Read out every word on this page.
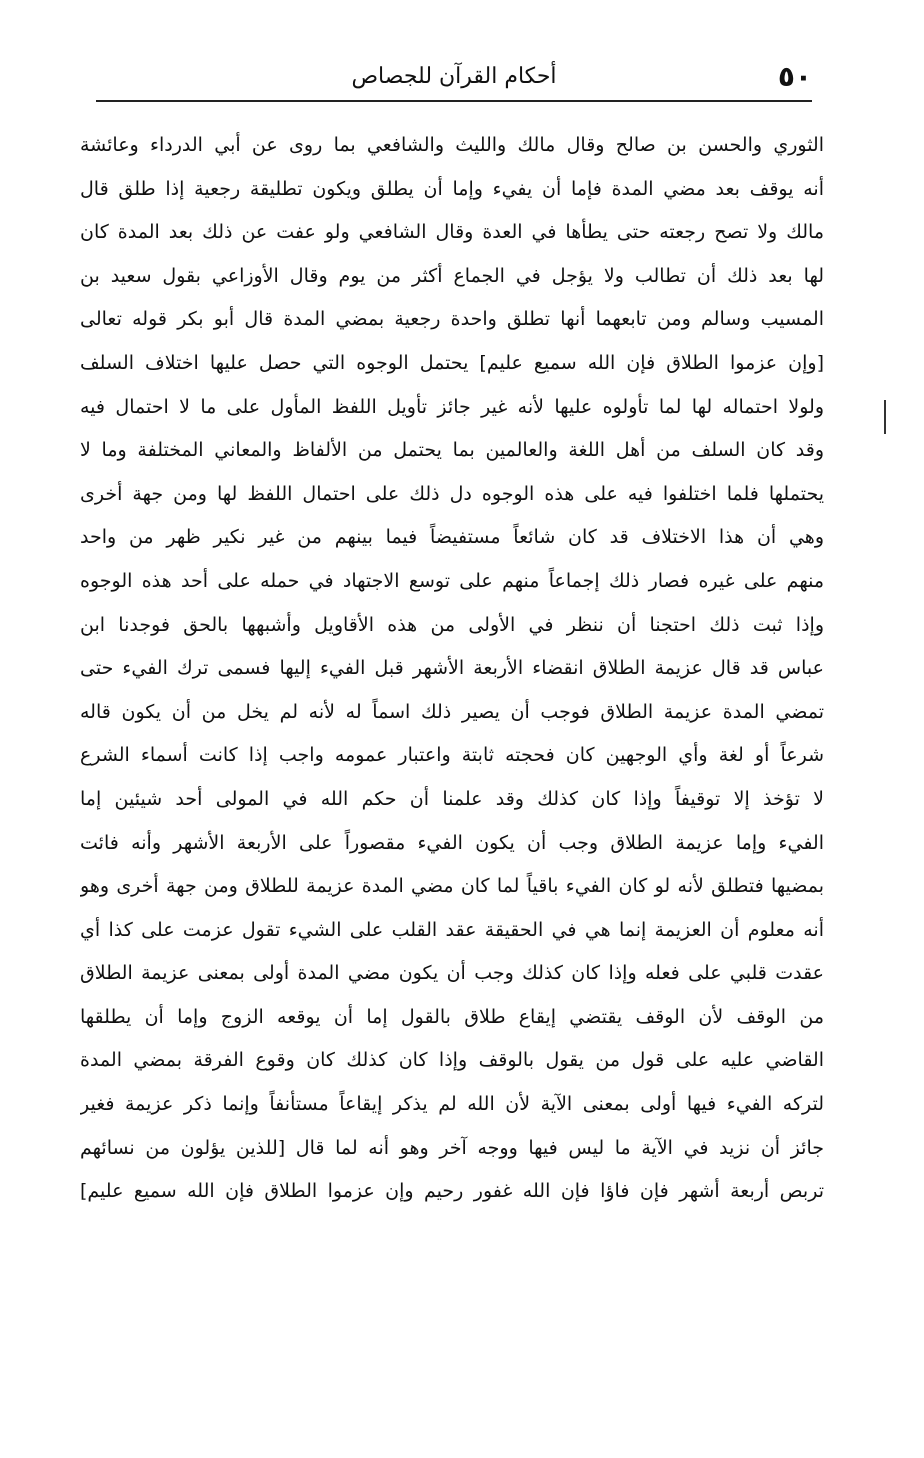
٥٠
أحكام القرآن للجصاص
الثوري والحسن بن صالح وقال مالك والليث والشافعي بما روى عن أبي الدرداء وعائشة
أنه يوقف بعد مضي المدة فإما أن يفيء وإما أن يطلق ويكون تطليقة رجعية إذا طلق قال
مالك ولا تصح رجعته حتى يطأها في العدة وقال الشافعي ولو عفت عن ذلك بعد المدة كان
لها بعد ذلك أن تطالب ولا يؤجل في الجماع أكثر من يوم وقال الأوزاعي بقول سعيد بن
المسيب وسالم ومن تابعهما أنها تطلق واحدة رجعية بمضي المدة قال أبو بكر قوله تعالى
[وإن عزموا الطلاق فإن الله سميع عليم] يحتمل الوجوه التي حصل عليها اختلاف السلف
ولولا احتماله لها لما تأولوه عليها لأنه غير جائز تأويل اللفظ المأول على ما لا احتمال فيه
وقد كان السلف من أهل اللغة والعالمين بما يحتمل من الألفاظ والمعاني المختلفة وما لا
يحتملها فلما اختلفوا فيه على هذه الوجوه دل ذلك على احتمال اللفظ لها ومن جهة أخرى
وهي أن هذا الاختلاف قد كان شائعاً مستفيضاً فيما بينهم من غير نكير ظهر من واحد
منهم على غيره فصار ذلك إجماعاً منهم على توسع الاجتهاد في حمله على أحد هذه الوجوه
وإذا ثبت ذلك احتجنا أن ننظر في الأولى من هذه الأقاويل وأشبهها بالحق فوجدنا ابن
عباس قد قال عزيمة الطلاق انقضاء الأربعة الأشهر قبل الفيء إليها فسمى ترك الفيء حتى
تمضي المدة عزيمة الطلاق فوجب أن يصير ذلك اسماً له لأنه لم يخل من أن يكون قاله
شرعاً أو لغة وأي الوجهين كان فحجته ثابتة واعتبار عمومه واجب إذا كانت أسماء الشرع
لا تؤخذ إلا توقيفاً وإذا كان كذلك وقد علمنا أن حكم الله في المولى أحد شيئين إما
الفيء وإما عزيمة الطلاق وجب أن يكون الفيء مقصوراً على الأربعة الأشهر وأنه فائت
بمضيها فتطلق لأنه لو كان الفيء باقياً لما كان مضي المدة عزيمة للطلاق ومن جهة أخرى وهو
أنه معلوم أن العزيمة إنما هي في الحقيقة عقد القلب على الشيء تقول عزمت على كذا أي
عقدت قلبي على فعله وإذا كان كذلك وجب أن يكون مضي المدة أولى بمعنى عزيمة الطلاق
من الوقف لأن الوقف يقتضي إيقاع طلاق بالقول إما أن يوقعه الزوج وإما أن يطلقها
القاضي عليه على قول من يقول بالوقف وإذا كان كذلك كان وقوع الفرقة بمضي المدة
لتركه الفيء فيها أولى بمعنى الآية لأن الله لم يذكر إيقاعاً مستأنفاً وإنما ذكر عزيمة فغير
جائز أن نزيد في الآية ما ليس فيها ووجه آخر وهو أنه لما قال [للذين يؤلون من نسائهم
تربص أربعة أشهر فإن فاؤا فإن الله غفور رحيم وإن عزموا الطلاق فإن الله سميع عليم]
